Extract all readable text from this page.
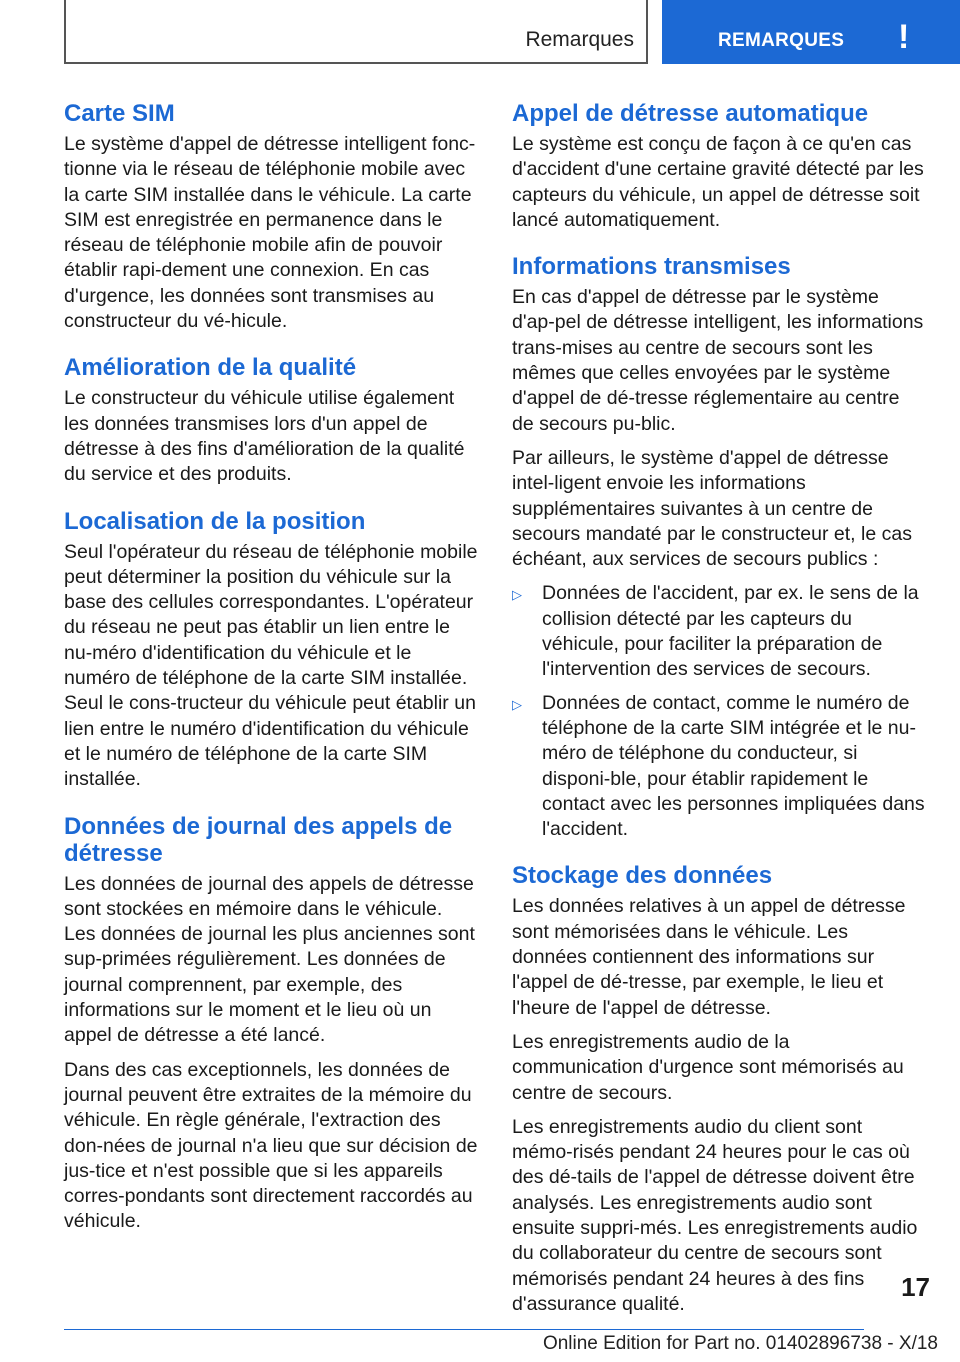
Remarques	REMARQUES !
Carte SIM

Le système d'appel de détresse intelligent fonc-tionne via le réseau de téléphonie mobile avec la carte SIM installée dans le véhicule. La carte SIM est enregistrée en permanence dans le réseau de téléphonie mobile afin de pouvoir établir rapi-dement une connexion. En cas d'urgence, les données sont transmises au constructeur du vé-hicule.

Amélioration de la qualité

Le constructeur du véhicule utilise également les données transmises lors d'un appel de détresse à des fins d'amélioration de la qualité du service et des produits.

Localisation de la position

Seul l'opérateur du réseau de téléphonie mobile peut déterminer la position du véhicule sur la base des cellules correspondantes. L'opérateur du réseau ne peut pas établir un lien entre le nu-méro d'identification du véhicule et le numéro de téléphone de la carte SIM installée. Seul le cons-tructeur du véhicule peut établir un lien entre le numéro d'identification du véhicule et le numéro de téléphone de la carte SIM installée.

Données de journal des appels de détresse

Les données de journal des appels de détresse sont stockées en mémoire dans le véhicule. Les données de journal les plus anciennes sont sup-primées régulièrement. Les données de journal comprennent, par exemple, des informations sur le moment et le lieu où un appel de détresse a été lancé.

Dans des cas exceptionnels, les données de journal peuvent être extraites de la mémoire du véhicule. En règle générale, l'extraction des don-nées de journal n'a lieu que sur décision de jus-tice et n'est possible que si les appareils corres-pondants sont directement raccordés au véhicule.

Appel de détresse automatique

Le système est conçu de façon à ce qu'en cas d'accident d'une certaine gravité détecté par les capteurs du véhicule, un appel de détresse soit lancé automatiquement.

Informations transmises

En cas d'appel de détresse par le système d'ap-pel de détresse intelligent, les informations trans-mises au centre de secours sont les mêmes que celles envoyées par le système d'appel de dé-tresse réglementaire au centre de secours pu-blic.

Par ailleurs, le système d'appel de détresse intel-ligent envoie les informations supplémentaires suivantes à un centre de secours mandaté par le constructeur et, le cas échéant, aux services de secours publics :

▷ Données de l'accident, par ex. le sens de la collision détecté par les capteurs du véhicule, pour faciliter la préparation de l'intervention des services de secours.
▷ Données de contact, comme le numéro de téléphone de la carte SIM intégrée et le nu-méro de téléphone du conducteur, si disponi-ble, pour établir rapidement le contact avec les personnes impliquées dans l'accident.
Stockage des données

Les données relatives à un appel de détresse sont mémorisées dans le véhicule. Les données contiennent des informations sur l'appel de dé-tresse, par exemple, le lieu et l'heure de l'appel de détresse.

Les enregistrements audio de la communication d'urgence sont mémorisés au centre de secours.

Les enregistrements audio du client sont mémo-risés pendant 24 heures pour le cas où des dé-tails de l'appel de détresse doivent être analysés. Les enregistrements audio sont ensuite suppri-més. Les enregistrements audio du collaborateur du centre de secours sont mémorisés pendant 24 heures à des fins d'assurance qualité.

17
Online Edition for Part no. 01402896738 - X/18
